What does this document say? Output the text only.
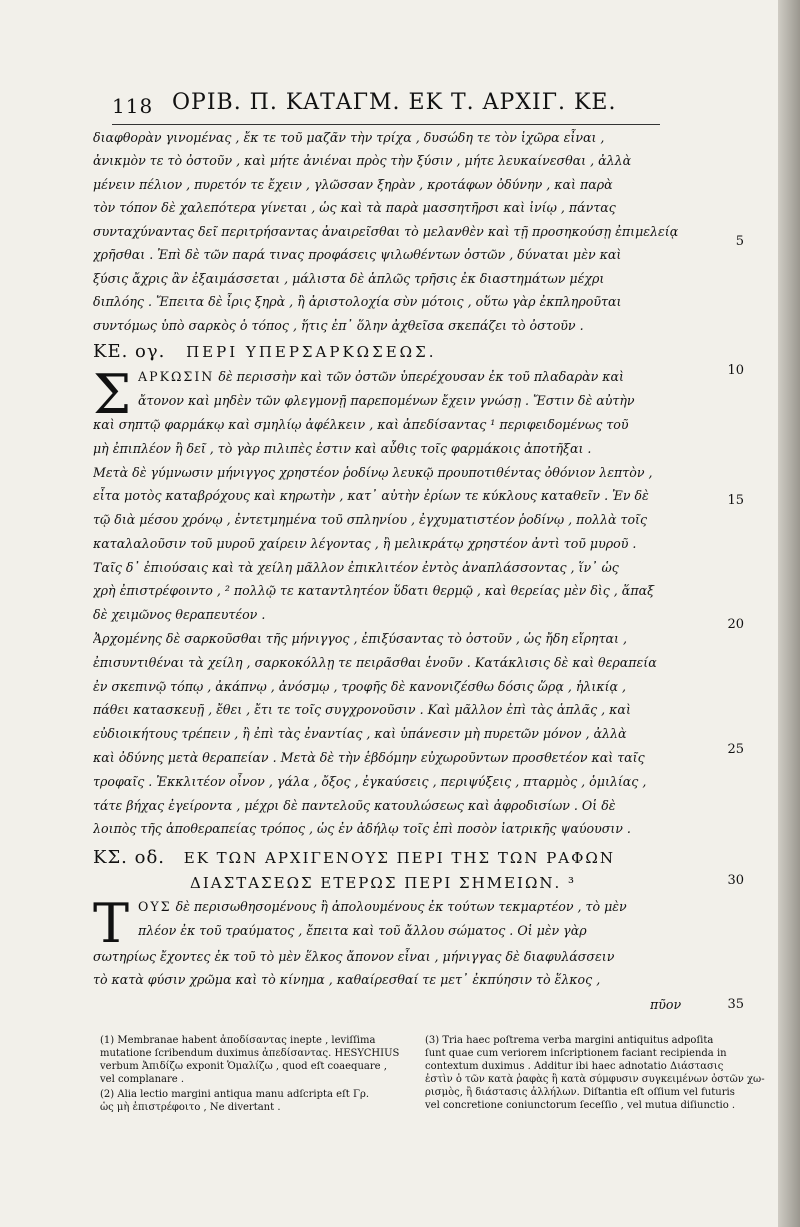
118 ΟΡΙΒ. Π. ΚΑΤΑΓΜ. ΕΚ Τ. ΑΡΧΙΓ. ΚΕ.
διαφθορὰν γινομένας , ἔκ τε τοῦ μαζᾶν τὴν τρίχα , δυσώδη τε τὸν ἰχῶρα εἶναι ,
ἀνικμὸν τε τὸ ὀστοῦν , καὶ μήτε ἀνιέναι πρὸς τὴν ξύσιν , μήτε λευκαίνεσθαι , ἀλλὰ
μένειν πέλιον , πυρετόν τε ἔχειν , γλῶσσαν ξηρὰν , κροτάφων ὀδύνην , καὶ παρὰ
τὸν τόπον δὲ χαλεπότερα γίνεται , ὡς καὶ τὰ παρὰ μασσητῆρσι καὶ ἰνίῳ , πάντας
συνταχύναντας δεῖ περιτρήσαντας ἀναιρεῖσθαι τὸ μελανθὲν καὶ τῇ προσηκούσῃ ἐπιμελείᾳ
χρῆσθαι . Ἐπὶ δὲ τῶν παρά τινας προφάσεις ψιλωθέντων ὀστῶν , δύναται μὲν καὶ
ξύσις ἄχρις ἂν ἐξαιμάσσεται , μάλιστα δὲ ἁπλῶς τρῆσις ἐκ διαστημάτων μέχρι
διπλόης . Ἔπειτα δὲ ἶρις ξηρὰ , ἢ ἀριστολοχία σὺν μότοις , οὕτω γὰρ ἐκπληροῦται
συντόμως ὑπὸ σαρκὸς ὁ τόπος , ἥτις ἐπ᾽ ὅλην ἀχθεῖσα σκεπάζει τὸ ὀστοῦν .
ΚΕ. ογ. ΠΕΡΙ ΥΠΕΡΣΑΡΚΩΣΕΩΣ.
Σ ΑΡΚΩΣΙΝ δὲ περισσὴν καὶ τῶν ὀστῶν ὑπερέχουσαν ἐκ τοῦ πλαδαρὰν καὶ
ἄτονον καὶ μηδὲν τῶν φλεγμονῇ παρεπομένων ἔχειν γνώσῃ . Ἔστιν δὲ αὐτὴν
καὶ σηπτῷ φαρμάκῳ καὶ σμηλίῳ ἀφέλκειν , καὶ ἀπεδίσαντας ¹ περιφειδομένως τοῦ
μὴ ἐπιπλέον ἢ δεῖ , τὸ γὰρ πιλιπὲς ἐστιν καὶ αὖθις τοῖς φαρμάκοις ἀποτῆξαι .
Μετὰ δὲ γύμνωσιν μήνιγγος χρηστέον ῥοδίνῳ λευκῷ προυποτιθέντας ὀθόνιον λεπτὸν ,
εἶτα μοτὸς καταβρόχους καὶ κηρωτὴν , κατ᾽ αὐτὴν ἐρίων τε κύκλους καταθεῖν . Ἐν δὲ
τῷ διὰ μέσου χρόνῳ , ἐντετμημένα τοῦ σπληνίου , ἐγχυματιστέον ῥοδίνῳ , πολλὰ τοῖς
καταλαλοῦσιν τοῦ μυροῦ χαίρειν λέγοντας , ἢ μελικράτῳ χρηστέον ἀντὶ τοῦ μυροῦ .
Ταῖς δ᾽ ἐπιούσαις καὶ τὰ χείλη μᾶλλον ἐπικλιτέον ἐντὸς ἀναπλάσσοντας , ἵν᾽ ὡς
χρὴ ἐπιστρέφοιντο , ² πολλῷ τε καταντλητέον ὕδατι θερμῷ , καὶ θερείας μὲν δὶς , ἅπαξ
δὲ χειμῶνος θεραπευτέον .
Ἀρχομένης δὲ σαρκοῦσθαι τῆς μήνιγγος , ἐπιξύσαντας τὸ ὀστοῦν , ὡς ἤδη εἴρηται ,
ἐπισυντιθέναι τὰ χείλη , σαρκοκόλλῃ τε πειρᾶσθαι ἑνοῦν . Κατάκλισις δὲ καὶ θεραπεία
ἐν σκεπινῷ τόπῳ , ἀκάπνῳ , ἀνόσμῳ , τροφῆς δὲ κανονιζέσθω δόσις ὥρᾳ , ἡλικίᾳ ,
πάθει κατασκευῇ , ἔθει , ἔτι τε τοῖς συγχρονοῦσιν . Καὶ μᾶλλον ἐπὶ τὰς ἁπλᾶς , καὶ
εὐδιοικήτους τρέπειν , ἢ ἐπὶ τὰς ἐναντίας , καὶ ὑπάνεσιν μὴ πυρετῶν μόνον , ἀλλὰ
καὶ ὀδύνης μετὰ θεραπείαν . Μετὰ δὲ τὴν ἑβδόμην εὐχωροῦντων προσθετέον καὶ ταῖς
τροφαῖς . Ἐκκλιτέον οἶνον , γάλα , ὄξος , ἐγκαύσεις , περιψύξεις , πταρμὸς , ὁμιλίας ,
τάτε βήχας ἐγείροντα , μέχρι δὲ παντελοῦς κατουλώσεως καὶ ἀφροδισίων . Οἱ δὲ
λοιπὸς τῆς ἀποθεραπείας τρόπος , ὡς ἐν ἀδήλῳ τοῖς ἐπὶ ποσὸν ἰατρικῆς ψαύουσιν .
ΚΣ. οδ. ΕΚ ΤΩΝ ΑΡΧΙΓΕΝΟΥΣ ΠΕΡΙ ΤΗΣ ΤΩΝ ΡΑΦΩΝ
ΔΙΑΣΤΑΣΕΩΣ ΕΤΕΡΩΣ ΠΕΡΙ ΣΗΜΕΙΩΝ. ³
Τ ΟΥΣ δὲ περισωθησομένους ἢ ἀπολουμένους ἐκ τούτων τεκμαρτέον , τὸ μὲν
πλέον ἐκ τοῦ τραύματος , ἔπειτα καὶ τοῦ ἄλλου σώματος . Οἱ μὲν γὰρ
σωτηρίως ἔχοντες ἐκ τοῦ τὸ μὲν ἕλκος ἄπονον εἶναι , μήνιγγας δὲ διαφυλάσσειν
τὸ κατὰ φύσιν χρῶμα καὶ τὸ κίνημα , καθαίρεσθαί τε μετ᾽ ἐκπύησιν τὸ ἕλκος ,
πῦον
5
10
15
20
25
30
35
(1) Membranae habent ἀποδίσαντας inepte , leviſſima
mutatione ſcribendum duximus ἀπεδίσαντας. HESYCHIUS
verbum Ἀπιδίζω exponit Ὁμαλίζω , quod eſt coaequare ,
vel complanare .
(2) Alia lectio margini antiqua manu adſcripta eſt Γρ.
ὡς μὴ ἐπιστρέφοιτο , Ne divertant .
(3) Tria haec poſtrema verba margini antiquitus adpoſita
ſunt quae cum veriorem inſcriptionem faciant recipienda in
contextum duximus . Additur ibi haec adnotatio Διάστασις
ἐστὶν ὁ τῶν κατὰ ῥαφὰς ἢ κατὰ σύμφυσιν συγκειμένων ὀστῶν χω-
ρισμὸς, ἢ διάστασις ἀλλήλων. Diſtantia eſt oſſium vel futuris
vel concretione coniunctorum ſeceſſio , vel mutua diſiunctio .
